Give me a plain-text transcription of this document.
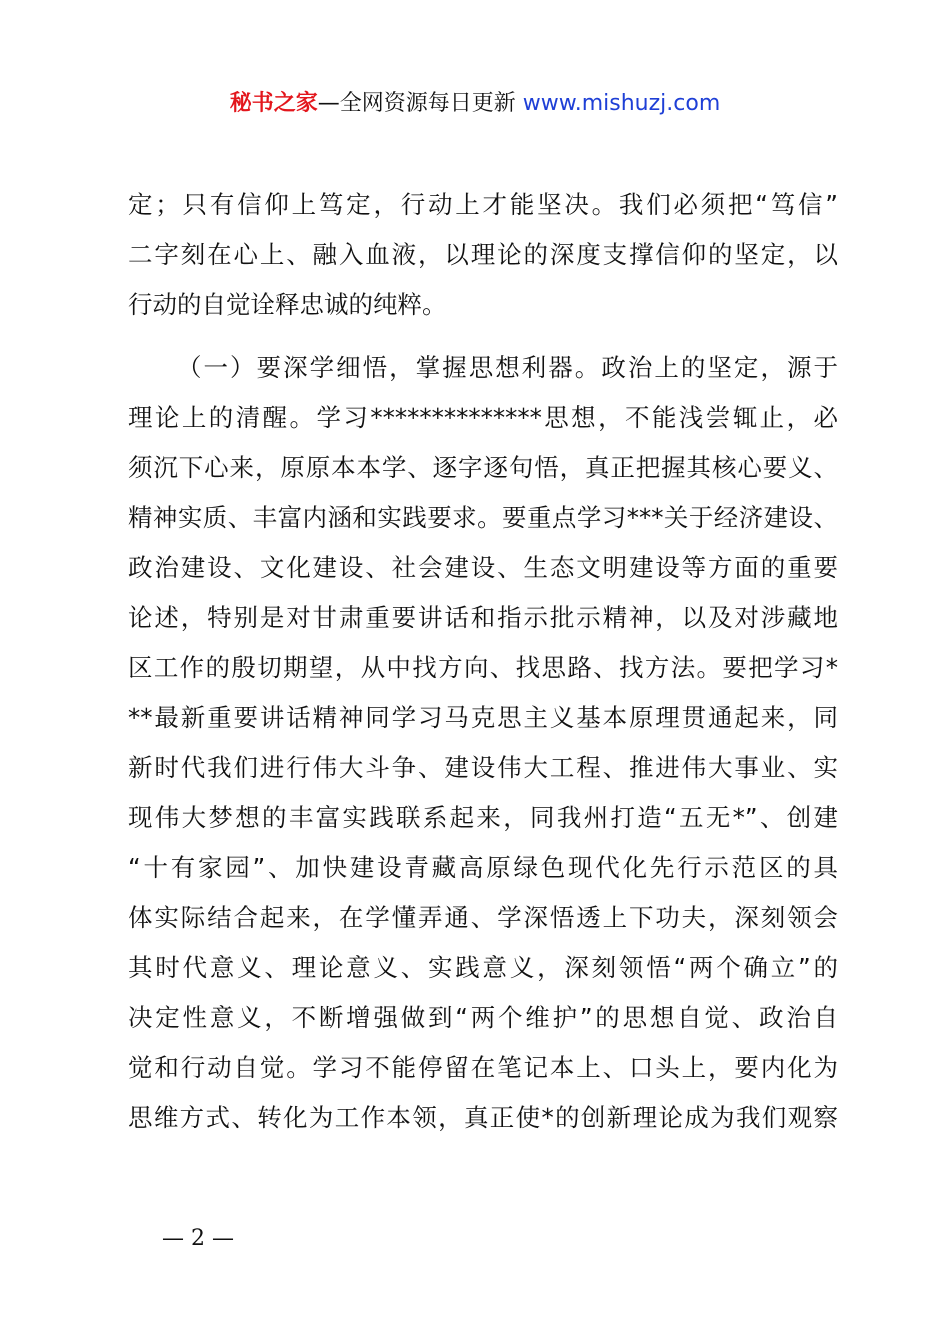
秘书之家—全网资源每日更新 www.mishuzj.com
定；只有信仰上笃定，行动上才能坚决。我们必须把“笃信”
二字刻在心上、融入血液，以理论的深度支撑信仰的坚定，以
行动的自觉诠释忠诚的纯粹。
（一）要深学细悟，掌握思想利器。政治上的坚定，源于
理论上的清醒。学习**************思想，不能浅尝辄止，必
须沉下心来，原原本本学、逐字逐句悟，真正把握其核心要义、
精神实质、丰富内涵和实践要求。要重点学习***关于经济建设、
政治建设、文化建设、社会建设、生态文明建设等方面的重要
论述，特别是对甘肃重要讲话和指示批示精神，以及对涉藏地
区工作的殷切期望，从中找方向、找思路、找方法。要把学习*
**最新重要讲话精神同学习马克思主义基本原理贯通起来，同
新时代我们进行伟大斗争、建设伟大工程、推进伟大事业、实
现伟大梦想的丰富实践联系起来，同我州打造“五无*”、创建
“十有家园”、加快建设青藏高原绿色现代化先行示范区的具
体实际结合起来，在学懂弄通、学深悟透上下功夫，深刻领会
其时代意义、理论意义、实践意义，深刻领悟“两个确立”的
决定性意义，不断增强做到“两个维护”的思想自觉、政治自
觉和行动自觉。学习不能停留在笔记本上、口头上，要内化为
思维方式、转化为工作本领，真正使*的创新理论成为我们观察
— 2 —
